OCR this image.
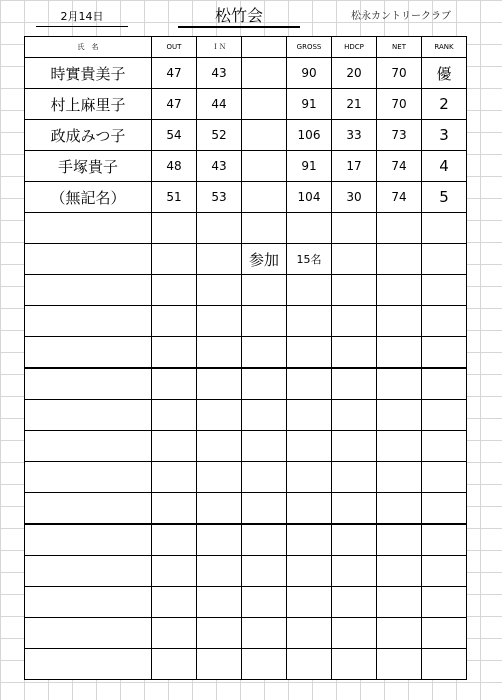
2月14日	松竹会	松永カントリークラブ
氏　名	OUT	ＩＮ		GROSS	HDCP	NET	RANK
時實貴美子	47	43		90	20	70	優
村上麻里子	47	44		91	21	70	2
政成みつ子	54	52		106	33	73	3
手塚貴子	48	43		91	17	74	4
（無記名）	51	53		104	30	74	5

			参加	15名			
